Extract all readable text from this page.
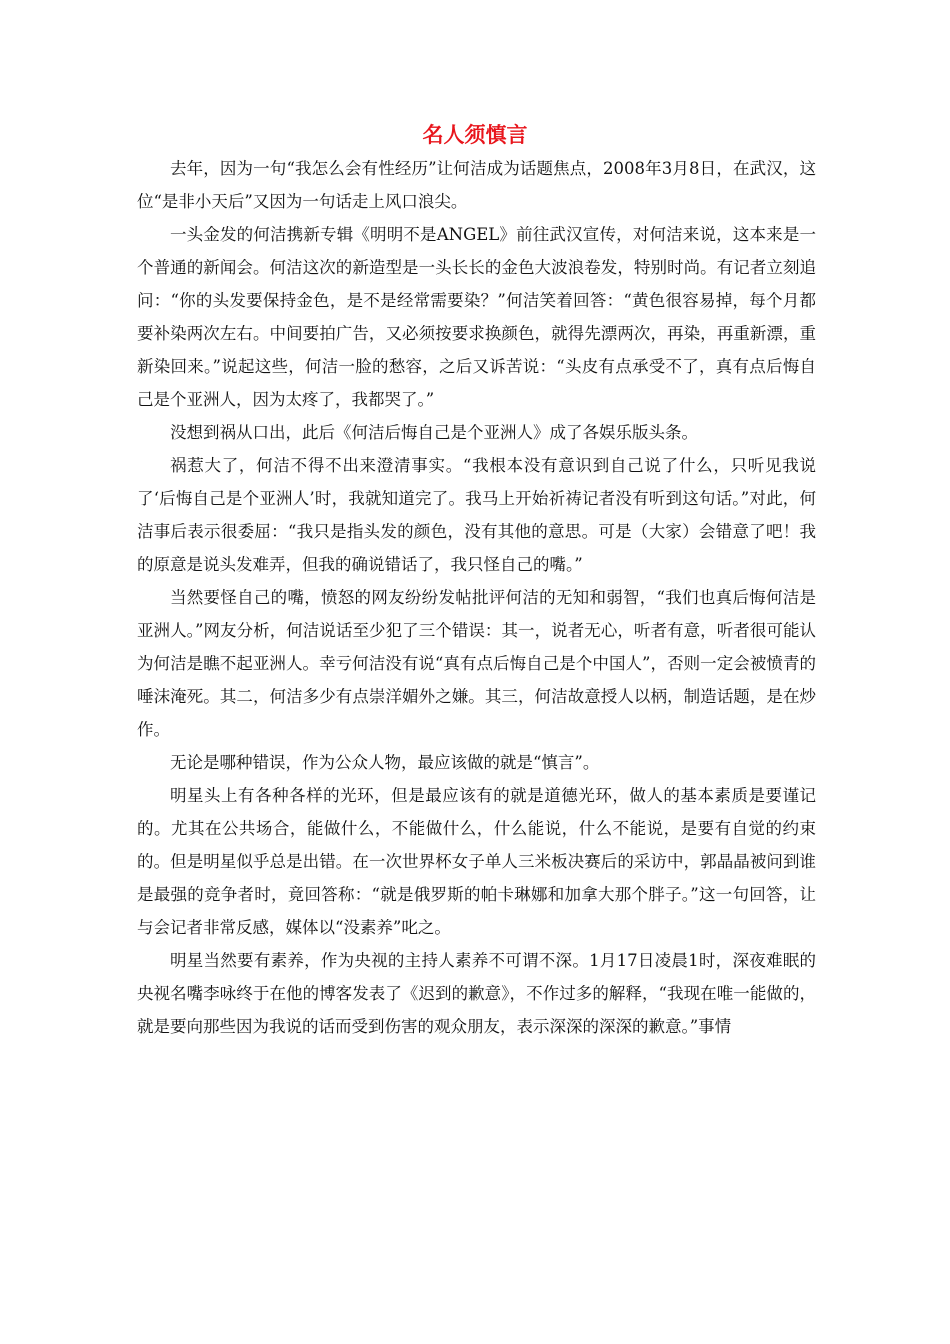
名人须慎言

去年，因为一句“我怎么会有性经历”让何洁成为话题焦点，2008年3月8日，在武汉，这位“是非小天后”又因为一句话走上风口浪尖。

一头金发的何洁携新专辑《明明不是ANGEL》前往武汉宣传，对何洁来说，这本来是一个普通的新闻会。何洁这次的新造型是一头长长的金色大波浪卷发，特别时尚。有记者立刻追问：“你的头发要保持金色，是不是经常需要染？”何洁笑着回答：“黄色很容易掉，每个月都要补染两次左右。中间要拍广告，又必须按要求换颜色，就得先漂两次，再染，再重新漂，重新染回来。”说起这些，何洁一脸的愁容，之后又诉苦说：“头皮有点承受不了，真有点后悔自己是个亚洲人，因为太疼了，我都哭了。”

没想到祸从口出，此后《何洁后悔自己是个亚洲人》成了各娱乐版头条。

祸惹大了，何洁不得不出来澄清事实。“我根本没有意识到自己说了什么，只听见我说了‘后悔自己是个亚洲人’时，我就知道完了。我马上开始祈祷记者没有听到这句话。”对此，何洁事后表示很委屈：“我只是指头发的颜色，没有其他的意思。可是（大家）会错意了吧！我的原意是说头发难弄，但我的确说错话了，我只怪自己的嘴。”

当然要怪自己的嘴，愤怒的网友纷纷发帖批评何洁的无知和弱智，“我们也真后悔何洁是亚洲人。”网友分析，何洁说话至少犯了三个错误：其一，说者无心，听者有意，听者很可能认为何洁是瞧不起亚洲人。幸亏何洁没有说“真有点后悔自己是个中国人”，否则一定会被愤青的唾沫淹死。其二，何洁多少有点崇洋媚外之嫌。其三，何洁故意授人以柄，制造话题，是在炒作。

无论是哪种错误，作为公众人物，最应该做的就是“慎言”。

明星头上有各种各样的光环，但是最应该有的就是道德光环，做人的基本素质是要谨记的。尤其在公共场合，能做什么，不能做什么，什么能说，什么不能说，是要有自觉的约束的。但是明星似乎总是出错。在一次世界杯女子单人三米板决赛后的采访中，郭晶晶被问到谁是最强的竞争者时，竟回答称：“就是俄罗斯的帕卡琳娜和加拿大那个胖子。”这一句回答，让与会记者非常反感，媒体以“没素养”叱之。

明星当然要有素养，作为央视的主持人素养不可谓不深。1月17日凌晨1时，深夜难眠的央视名嘴李咏终于在他的博客发表了《迟到的歉意》，不作过多的解释，“我现在唯一能做的，就是要向那些因为我说的话而受到伤害的观众朋友，表示深深的深深的歉意。”事情
